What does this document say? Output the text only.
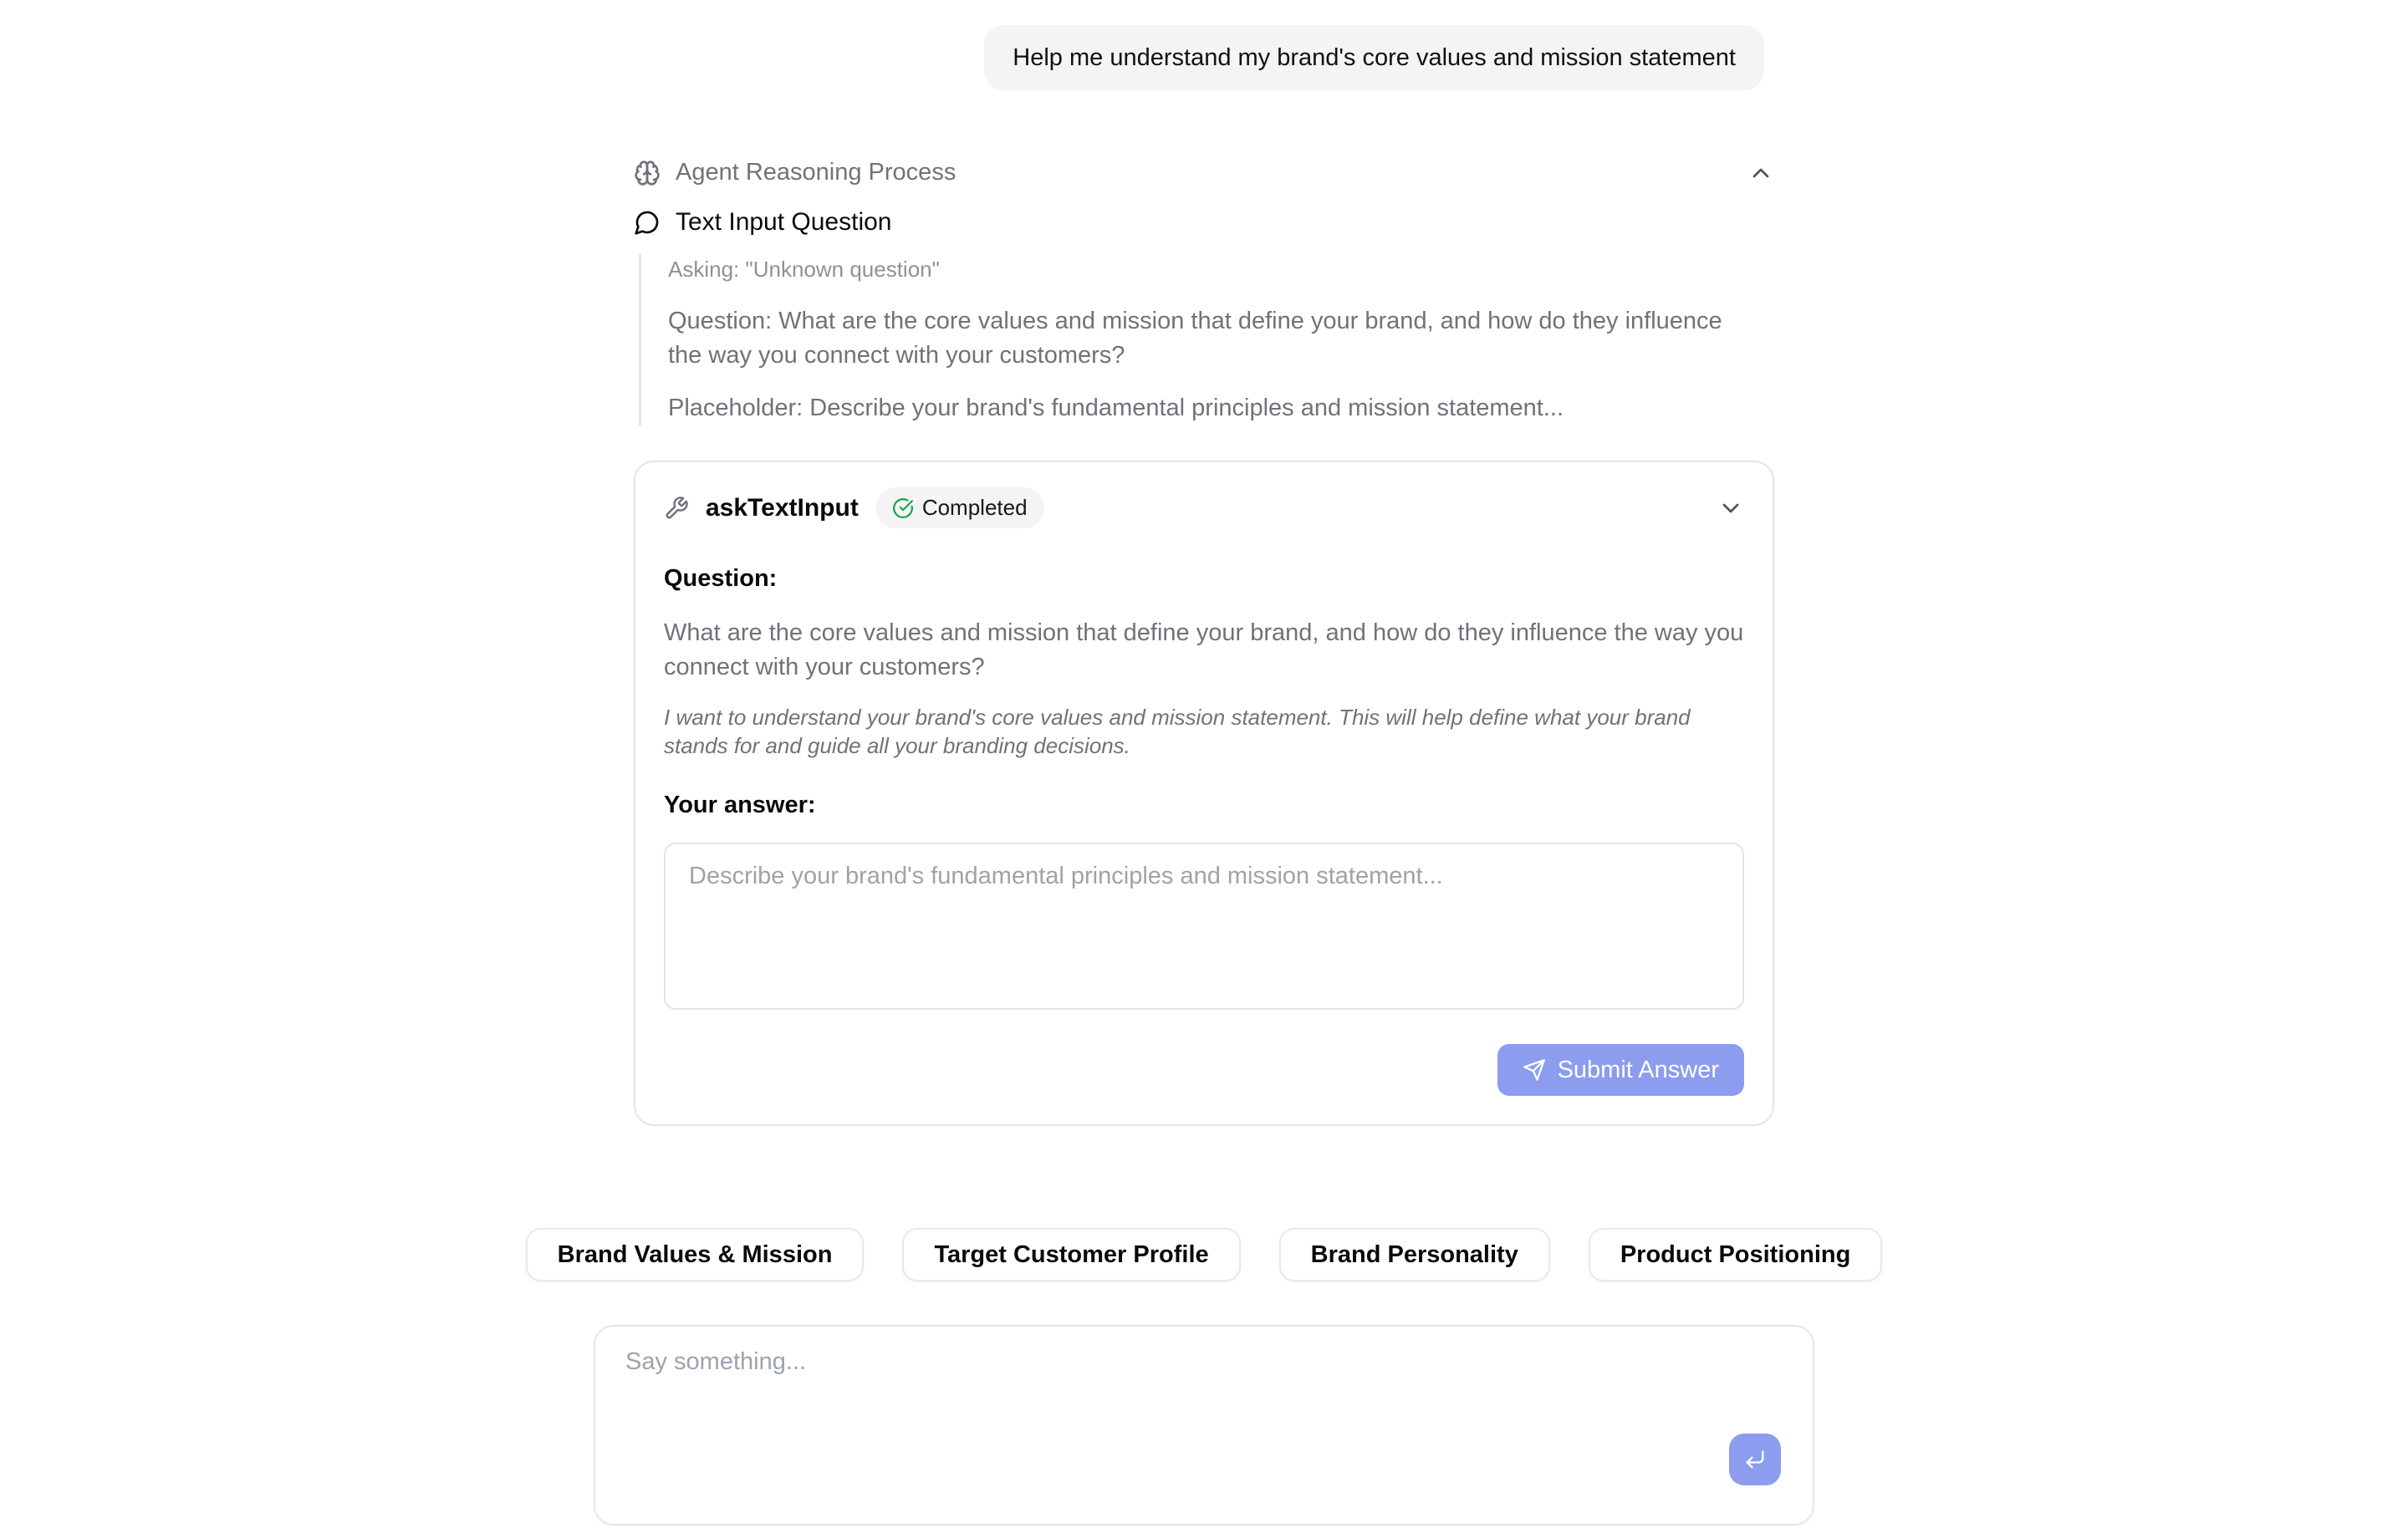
Help me understand my brand's core values and mission statement
Agent Reasoning Process
Text Input Question
Asking: "Unknown question"
Question: What are the core values and mission that define your brand, and how do they influence the way you connect with your customers?
Placeholder: Describe your brand's fundamental principles and mission statement...
askTextInput	Completed
Question:
What are the core values and mission that define your brand, and how do they influence the way you connect with your customers?
I want to understand your brand's core values and mission statement. This will help define what your brand stands for and guide all your branding decisions.
Your answer:
Describe your brand's fundamental principles and mission statement...
Submit Answer
Brand Values & Mission	Target Customer Profile	Brand Personality	Product Positioning
Say something...
